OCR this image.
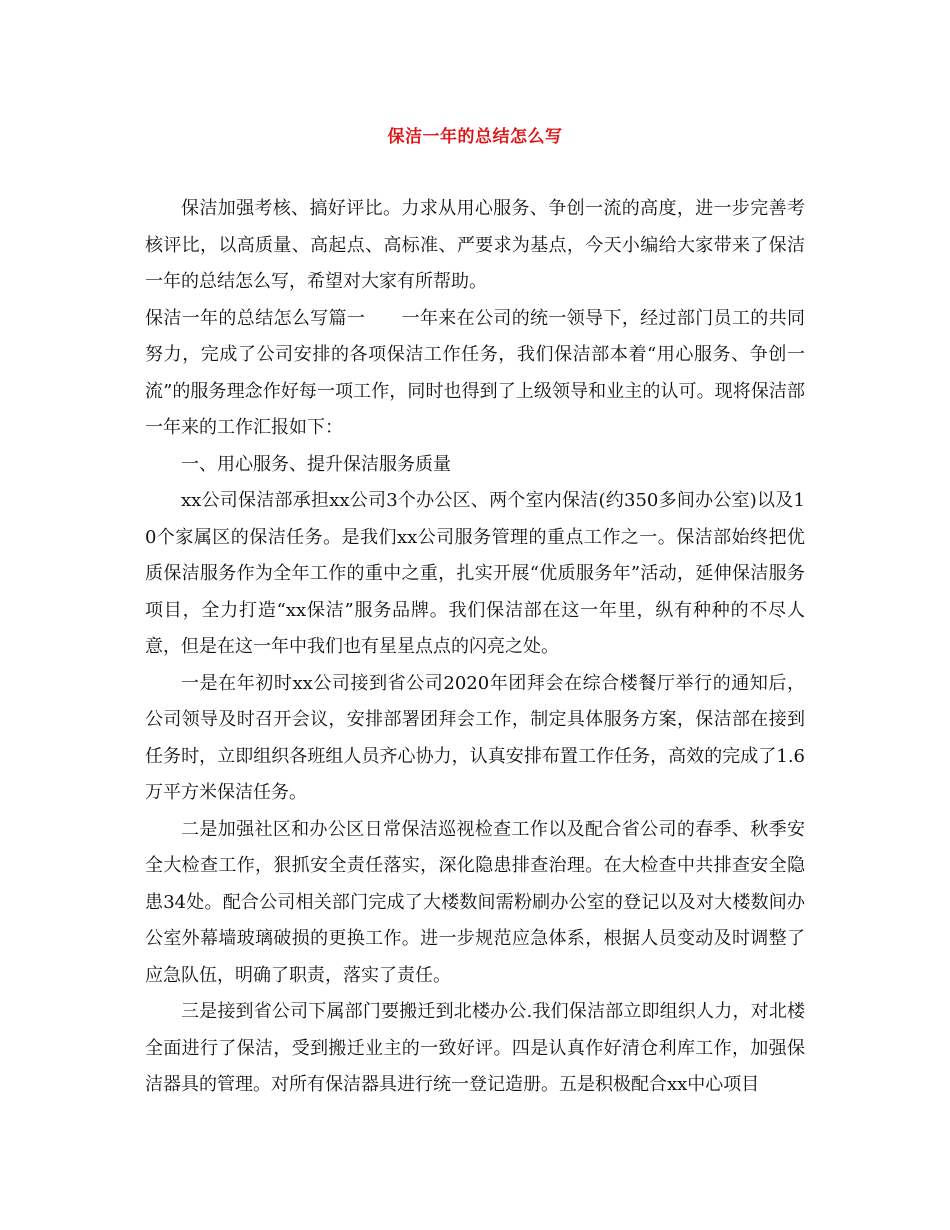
保洁一年的总结怎么写

保洁加强考核、搞好评比。力求从用心服务、争创一流的高度，进一步完善考核评比，以高质量、高起点、高标准、严要求为基点，今天小编给大家带来了保洁一年的总结怎么写，希望对大家有所帮助。

保洁一年的总结怎么写篇一 一年来在公司的统一领导下，经过部门员工的共同努力，完成了公司安排的各项保洁工作任务，我们保洁部本着“用心服务、争创一流”的服务理念作好每一项工作，同时也得到了上级领导和业主的认可。现将保洁部一年来的工作汇报如下：

一、用心服务、提升保洁服务质量

xx公司保洁部承担xx公司3个办公区、两个室内保洁(约350多间办公室)以及10个家属区的保洁任务。是我们xx公司服务管理的重点工作之一。保洁部始终把优质保洁服务作为全年工作的重中之重，扎实开展“优质服务年”活动，延伸保洁服务项目，全力打造“xx保洁”服务品牌。我们保洁部在这一年里，纵有种种的不尽人意，但是在这一年中我们也有星星点点的闪亮之处。

一是在年初时xx公司接到省公司2020年团拜会在综合楼餐厅举行的通知后，公司领导及时召开会议，安排部署团拜会工作，制定具体服务方案，保洁部在接到任务时，立即组织各班组人员齐心协力，认真安排布置工作任务，高效的完成了1.6万平方米保洁任务。

二是加强社区和办公区日常保洁巡视检查工作以及配合省公司的春季、秋季安全大检查工作，狠抓安全责任落实，深化隐患排查治理。在大检查中共排查安全隐患34处。配合公司相关部门完成了大楼数间需粉刷办公室的登记以及对大楼数间办公室外幕墙玻璃破损的更换工作。进一步规范应急体系，根据人员变动及时调整了应急队伍，明确了职责，落实了责任。

三是接到省公司下属部门要搬迁到北楼办公.我们保洁部立即组织人力，对北楼全面进行了保洁，受到搬迁业主的一致好评。四是认真作好清仓利库工作，加强保洁器具的管理。对所有保洁器具进行统一登记造册。五是积极配合xx中心项目
